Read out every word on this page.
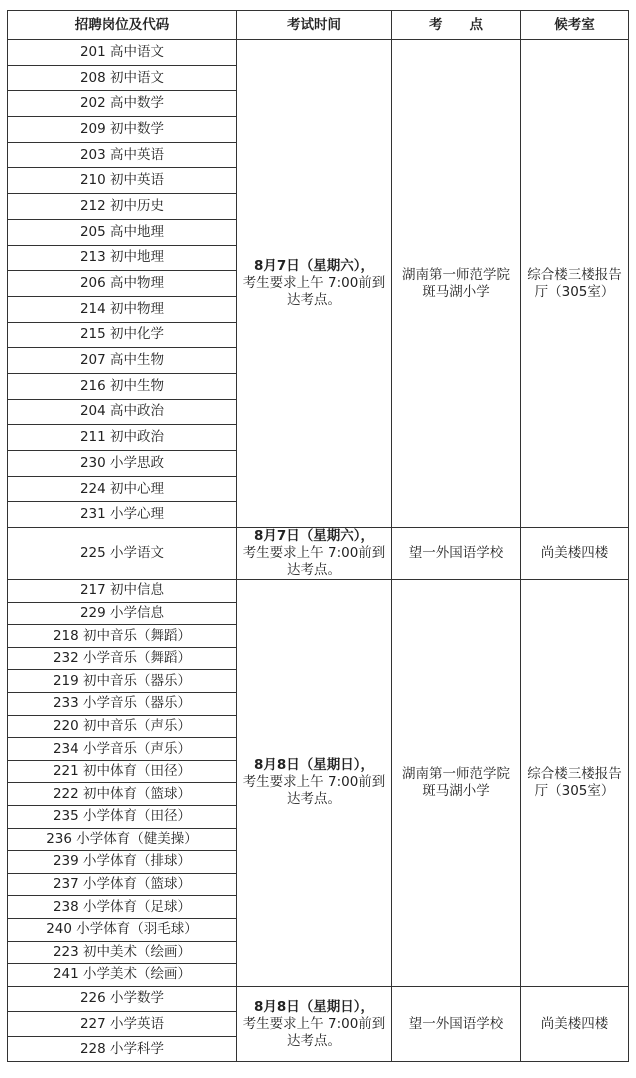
招聘岗位及代码	考试时间	考　　点	候考室
201 高中语文	8月7日（星期六），
考生要求上午 7:00前到达考点。	湖南第一师范学院斑马湖小学	综合楼三楼报告厅（305室）
208 初中语文			
202 高中数学			
209 初中数学			
203 高中英语			
210 初中英语			
212 初中历史			
205 高中地理			
213 初中地理			
206 高中物理			
214 初中物理			
215 初中化学			
207 高中生物			
216 初中生物			
204 高中政治			
211 初中政治			
230 小学思政			
224 初中心理			
231 小学心理			
225 小学语文	8月7日（星期六），
考生要求上午 7:00前到达考点。	望一外国语学校	尚美楼四楼
217 初中信息	8月8日（星期日），
考生要求上午 7:00前到达考点。	湖南第一师范学院斑马湖小学	综合楼三楼报告厅（305室）
229 小学信息			
218 初中音乐（舞蹈）			
232 小学音乐（舞蹈）			
219 初中音乐（器乐）			
233 小学音乐（器乐）			
220 初中音乐（声乐）			
234 小学音乐（声乐）			
221 初中体育（田径）			
222 初中体育（篮球）			
235 小学体育（田径）			
236 小学体育（健美操）			
239 小学体育（排球）			
237 小学体育（篮球）			
238 小学体育（足球）			
240 小学体育（羽毛球）			
223 初中美术（绘画）			
241 小学美术（绘画）			
226 小学数学	8月8日（星期日），
考生要求上午 7:00前到达考点。	望一外国语学校	尚美楼四楼
227 小学英语			
228 小学科学			
